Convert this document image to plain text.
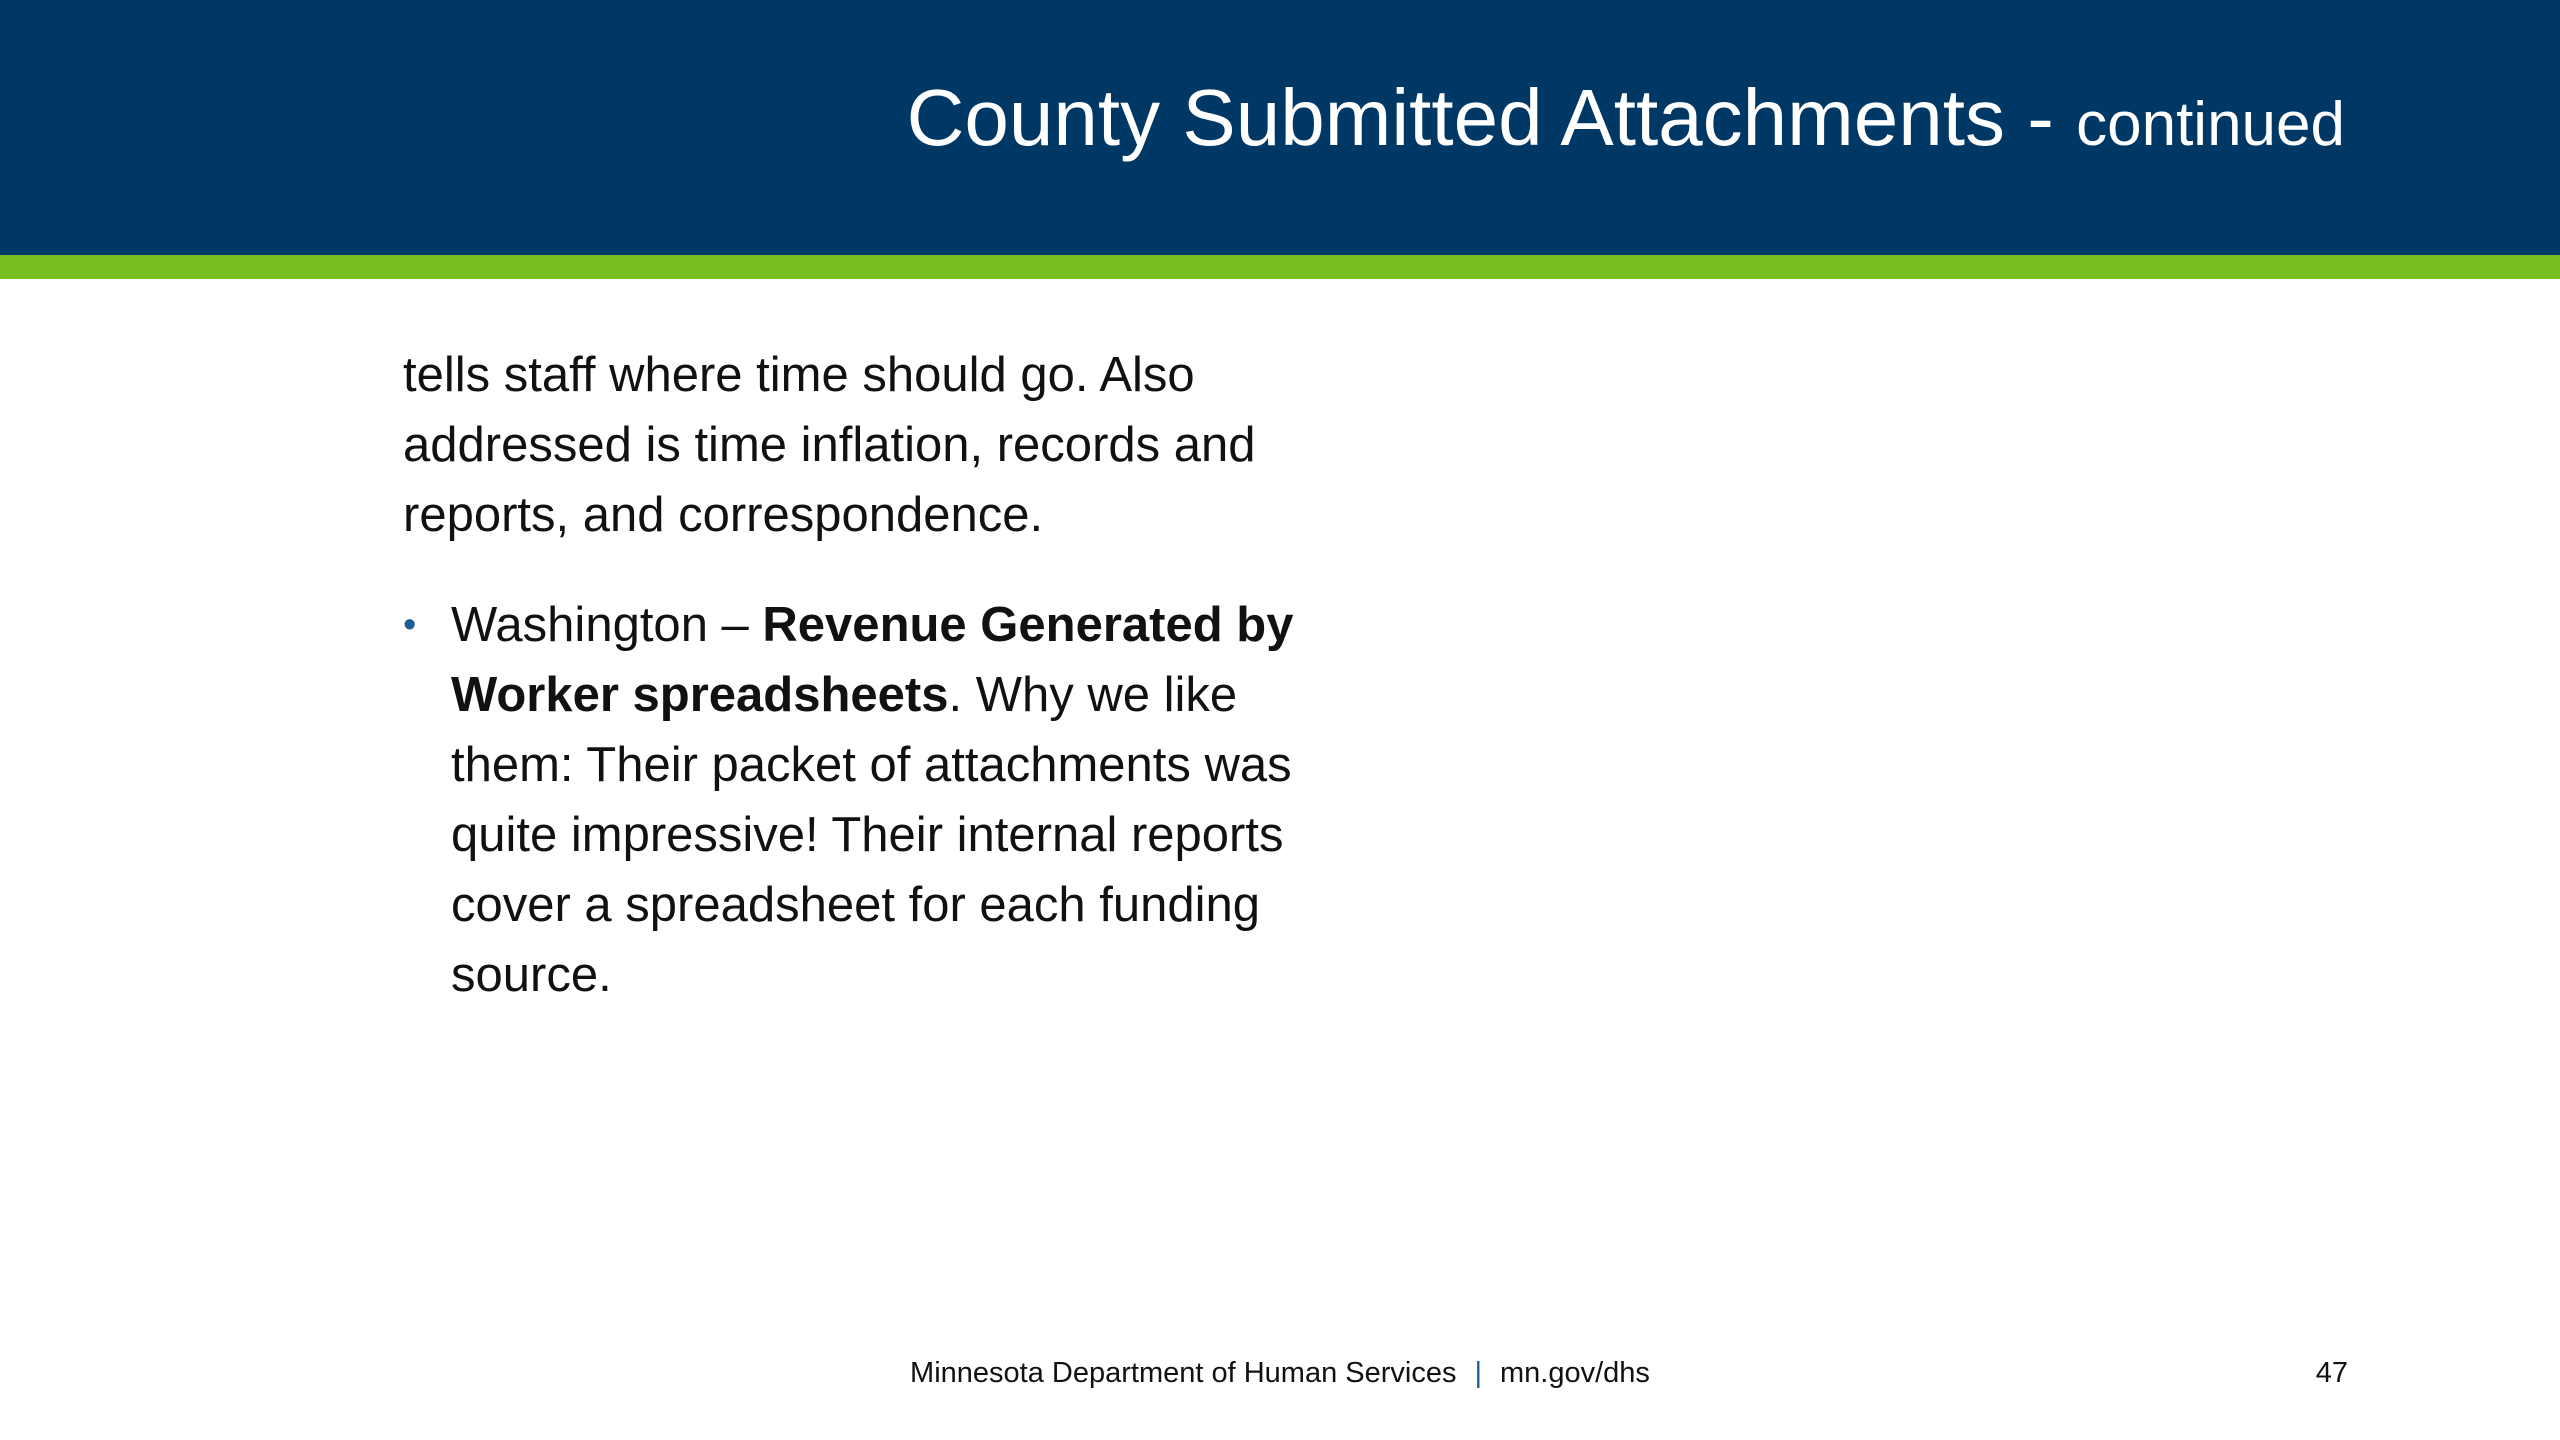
County Submitted Attachments - continued

tells staff where time should go. Also addressed is time inflation, records and reports, and correspondence.

• Washington – Revenue Generated by Worker spreadsheets. Why we like them: Their packet of attachments was quite impressive! Their internal reports cover a spreadsheet for each funding source.
Minnesota Department of Human Services | mn.gov/dhs	47
